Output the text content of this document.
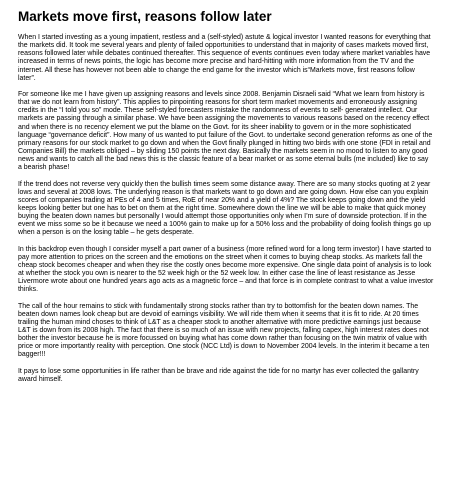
Markets move first, reasons follow later

When I started investing as a young impatient, restless and a (self-styled) astute & logical investor I wanted reasons for everything that the markets did. It took me several years and plenty of failed opportunities to understand that in majority of cases markets moved first, reasons followed later while debates continued thereafter. This sequence of events continues even today where market variables have increased in terms of news points, the logic has become more precise and hard-hitting with more information from the TV and the internet. All these has however not been able to change the end game for the investor which is“Markets move, first reasons follow later”.

For someone like me I have given up assigning reasons and levels since 2008. Benjamin Disraeli said “What we learn from history is that we do not learn from history”. This applies to pinpointing reasons for short term market movements and erroneously assigning credits in the “I told you so” mode. These self-styled forecasters mistake the randomness of events to self- generated intellect. Our markets are passing through a similar phase. We have been assigning the movements to various reasons based on the recency effect and when there is no recency element we put the blame on the Govt. for its sheer inability to govern or in the more sophisticated language “governance deficit”. How many of us wanted to put failure of the Govt. to undertake second generation reforms as one of the primary reasons for our stock market to go down and when the Govt finally plunged in hitting two birds with one stone (FDI in retail and Companies Bill) the markets obliged – by sliding 150 points the next day. Basically the markets seem in no mood to listen to any good news and wants to catch all the bad news this is the classic feature of a bear market or as some eternal bulls (me included) like to say a bearish phase!

If the trend does not reverse very quickly then the bullish times seem some distance away. There are so many stocks quoting at 2 year lows and several at 2008 lows. The underlying reason is that markets want to go down and are going down. How else can you explain scores of companies trading at PEs of 4 and 5 times, RoE of near 20% and a yield of 4%? The stock keeps going down and the yield keeps looking better but one has to bet on them at the right time. Somewhere down the line we will be able to make that quick money buying the beaten down names but personally I would attempt those opportunities only when I’m sure of downside protection. If in the event we miss some so be it because we need a 100% gain to make up for a 50% loss and the probability of doing foolish things go up when a person is on the losing table – he gets desperate.

In this backdrop even though I consider myself a part owner of a business (more refined word for a long term investor) I have started to pay more attention to prices on the screen and the emotions on the street when it comes to buying cheap stocks. As markets fall the cheap stock becomes cheaper and when they rise the costly ones become more expensive. One single data point of analysis is to look at whether the stock you own is nearer to the 52 week high or the 52 week low. In either case the line of least resistance as Jesse Livermore wrote about one hundred years ago acts as a magnetic force – and that force is in complete contrast to what a value investor thinks.

The call of the hour remains to stick with fundamentally strong stocks rather than try to bottomfish for the beaten down names. The beaten down names look cheap but are devoid of earnings visibility. We will ride them when it seems that it is fit to ride. At 20 times trailing the human mind choses to think of L&T as a cheaper stock to another alternative with more predictive earnings just because L&T is down from its 2008 high. The fact that there is so much of an issue with new projects, falling capex, high interest rates does not bother the investor because he is more focussed on buying what has come down rather than focusing on the twin matrix of value with price or more importantly reality with perception. One stock (NCC Ltd) is down to November 2004 levels. In the interim it became a ten bagger!!!

It pays to lose some opportunities in life rather than be brave and ride against the tide for no martyr has ever collected the gallantry award himself.
